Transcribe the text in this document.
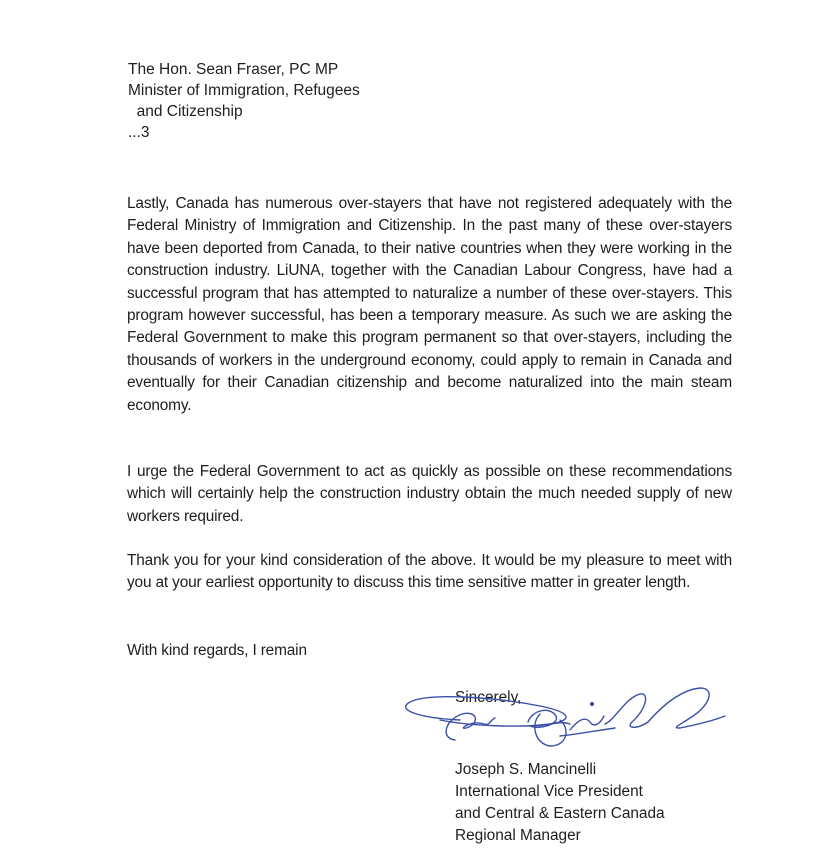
The Hon. Sean Fraser, PC MP
Minister of Immigration, Refugees
and Citizenship
...3
Lastly, Canada has numerous over-stayers that have not registered adequately with the Federal Ministry of Immigration and Citizenship. In the past many of these over-stayers have been deported from Canada, to their native countries when they were working in the construction industry. LiUNA, together with the Canadian Labour Congress, have had a successful program that has attempted to naturalize a number of these over-stayers. This program however successful, has been a temporary measure. As such we are asking the Federal Government to make this program permanent so that over-stayers, including the thousands of workers in the underground economy, could apply to remain in Canada and eventually for their Canadian citizenship and become naturalized into the main steam economy.
I urge the Federal Government to act as quickly as possible on these recommendations which will certainly help the construction industry obtain the much needed supply of new workers required.
Thank you for your kind consideration of the above. It would be my pleasure to meet with you at your earliest opportunity to discuss this time sensitive matter in greater length.
With kind regards, I remain
Sincerely,
Joseph S. Mancinelli
International Vice President
and Central & Eastern Canada
Regional Manager
